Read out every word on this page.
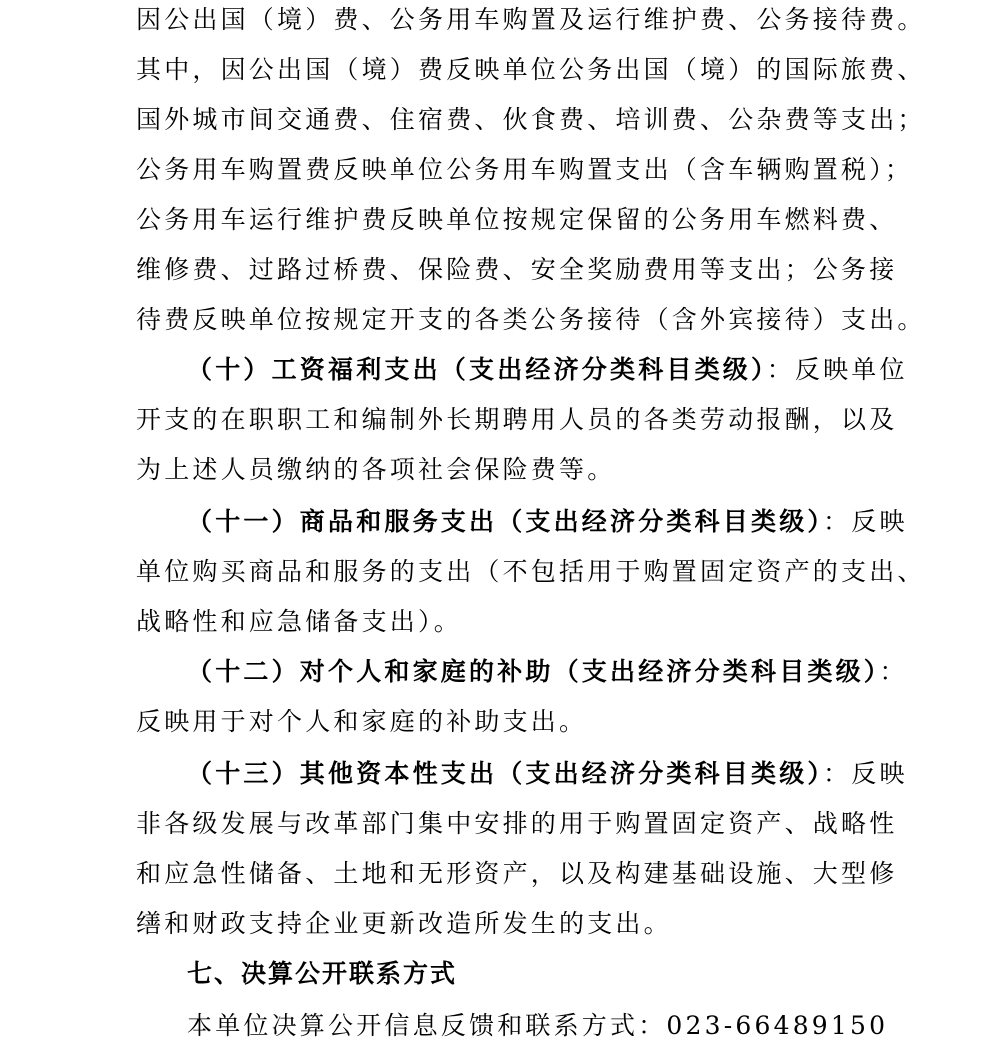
因公出国（境）费、公务用车购置及运行维护费、公务接待费。
其中，因公出国（境）费反映单位公务出国（境）的国际旅费、
国外城市间交通费、住宿费、伙食费、培训费、公杂费等支出；
公务用车购置费反映单位公务用车购置支出（含车辆购置税）；
公务用车运行维护费反映单位按规定保留的公务用车燃料费、
维修费、过路过桥费、保险费、安全奖励费用等支出；公务接
待费反映单位按规定开支的各类公务接待（含外宾接待）支出。
（十）工资福利支出（支出经济分类科目类级）：反映单位
开支的在职职工和编制外长期聘用人员的各类劳动报酬，以及
为上述人员缴纳的各项社会保险费等。
（十一）商品和服务支出（支出经济分类科目类级）：反映
单位购买商品和服务的支出（不包括用于购置固定资产的支出、
战略性和应急储备支出）。
（十二）对个人和家庭的补助（支出经济分类科目类级）：
反映用于对个人和家庭的补助支出。
（十三）其他资本性支出（支出经济分类科目类级）：反映
非各级发展与改革部门集中安排的用于购置固定资产、战略性
和应急性储备、土地和无形资产，以及构建基础设施、大型修
缮和财政支持企业更新改造所发生的支出。
七、决算公开联系方式
本单位决算公开信息反馈和联系方式：023-66489150
